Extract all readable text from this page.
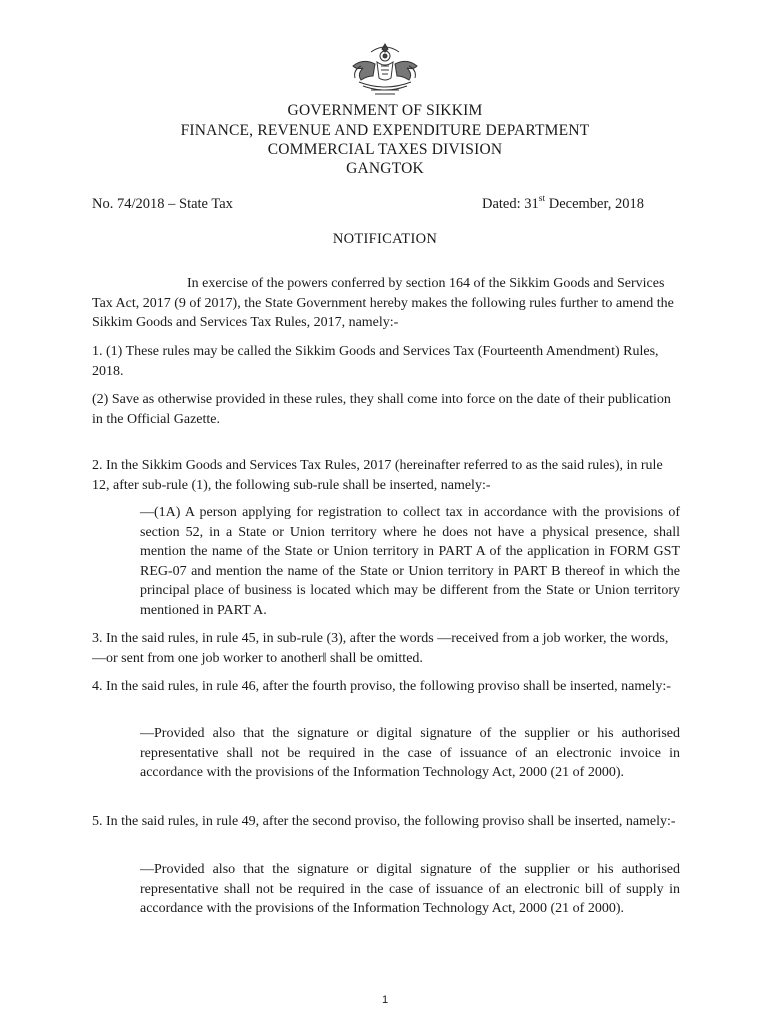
GOVERNMENT OF SIKKIM
FINANCE, REVENUE AND EXPENDITURE DEPARTMENT
COMMERCIAL TAXES DIVISION
GANGTOK
No. 74/2018 – State Tax	Dated: 31st December, 2018
NOTIFICATION

In exercise of the powers conferred by section 164 of the Sikkim Goods and Services Tax Act, 2017 (9 of 2017), the State Government hereby makes the following rules further to amend the Sikkim Goods and Services Tax Rules, 2017, namely:-

1. (1) These rules may be called the Sikkim Goods and Services Tax (Fourteenth Amendment) Rules, 2018.

(2) Save as otherwise provided in these rules, they shall come into force on the date of their publication in the Official Gazette.

2. In the Sikkim Goods and Services Tax Rules, 2017 (hereinafter referred to as the said rules), in rule 12, after sub-rule (1), the following sub-rule shall be inserted, namely:-

―(1A) A person applying for registration to collect tax in accordance with the provisions of section 52, in a State or Union territory where he does not have a physical presence, shall mention the name of the State or Union territory in PART A of the application in FORM GST REG-07 and mention the name of the State or Union territory in PART B thereof in which the principal place of business is located which may be different from the State or Union territory mentioned in PART A.

3. In the said rules, in rule 45, in sub-rule (3), after the words ―received from a job worker, the words, ―or sent from one job worker to another‖ shall be omitted.

4. In the said rules, in rule 46, after the fourth proviso, the following proviso shall be inserted, namely:-

―Provided also that the signature or digital signature of the supplier or his authorised representative shall not be required in the case of issuance of an electronic invoice in accordance with the provisions of the Information Technology Act, 2000 (21 of 2000).

5. In the said rules, in rule 49, after the second proviso, the following proviso shall be inserted, namely:-

―Provided also that the signature or digital signature of the supplier or his authorised representative shall not be required in the case of issuance of an electronic bill of supply in accordance with the provisions of the Information Technology Act, 2000 (21 of 2000).

1
